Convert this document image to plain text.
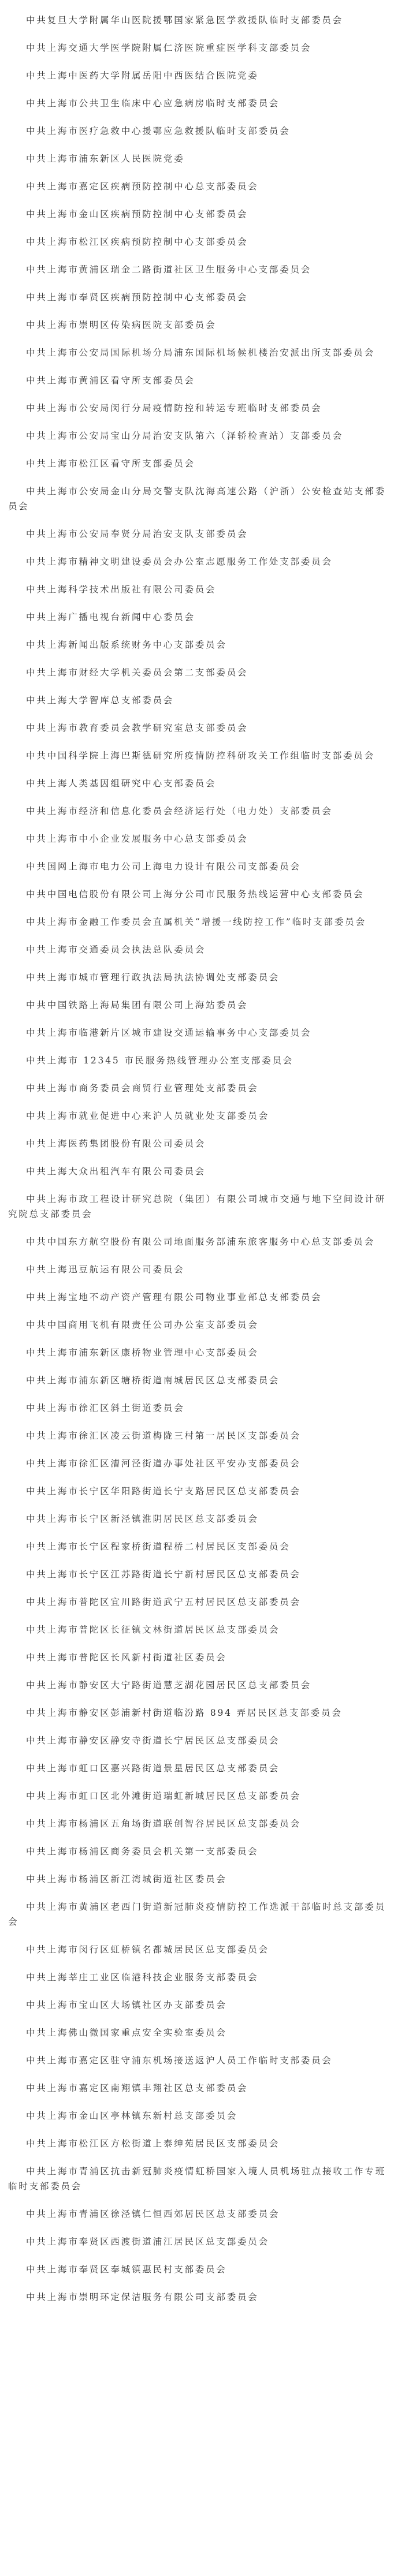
中共复旦大学附属华山医院援鄂国家紧急医学救援队临时支部委员会

中共上海交通大学医学院附属仁济医院重症医学科支部委员会

中共上海中医药大学附属岳阳中西医结合医院党委

中共上海市公共卫生临床中心应急病房临时支部委员会

中共上海市医疗急救中心援鄂应急救援队临时支部委员会

中共上海市浦东新区人民医院党委

中共上海市嘉定区疾病预防控制中心总支部委员会

中共上海市金山区疾病预防控制中心支部委员会

中共上海市松江区疾病预防控制中心支部委员会

中共上海市黄浦区瑞金二路街道社区卫生服务中心支部委员会

中共上海市奉贤区疾病预防控制中心支部委员会

中共上海市崇明区传染病医院支部委员会

中共上海市公安局国际机场分局浦东国际机场候机楼治安派出所支部委员会

中共上海市黄浦区看守所支部委员会

中共上海市公安局闵行分局疫情防控和转运专班临时支部委员会

中共上海市公安局宝山分局治安支队第六（泽轿检查站）支部委员会

中共上海市松江区看守所支部委员会

中共上海市公安局金山分局交警支队沈海高速公路（沪浙）公安检查站支部委员会

中共上海市公安局奉贤分局治安支队支部委员会

中共上海市精神文明建设委员会办公室志愿服务工作处支部委员会

中共上海科学技术出版社有限公司委员会

中共上海广播电视台新闻中心委员会

中共上海新闻出版系统财务中心支部委员会

中共上海市财经大学机关委员会第二支部委员会

中共上海大学智库总支部委员会

中共上海市教育委员会教学研究室总支部委员会

中共中国科学院上海巴斯德研究所疫情防控科研攻关工作组临时支部委员会

中共上海人类基因组研究中心支部委员会

中共上海市经济和信息化委员会经济运行处（电力处）支部委员会

中共上海市中小企业发展服务中心总支部委员会

中共国网上海市电力公司上海电力设计有限公司支部委员会

中共中国电信股份有限公司上海分公司市民服务热线运营中心支部委员会

中共上海市金融工作委员会直属机关“增援一线防控工作”临时支部委员会

中共上海市交通委员会执法总队委员会

中共上海市城市管理行政执法局执法协调处支部委员会

中共中国铁路上海局集团有限公司上海站委员会

中共上海市临港新片区城市建设交通运输事务中心支部委员会

中共上海市 12345 市民服务热线管理办公室支部委员会

中共上海市商务委员会商贸行业管理处支部委员会

中共上海市就业促进中心来沪人员就业处支部委员会

中共上海医药集团股份有限公司委员会

中共上海大众出租汽车有限公司委员会

中共上海市政工程设计研究总院（集团）有限公司城市交通与地下空间设计研究院总支部委员会

中共中国东方航空股份有限公司地面服务部浦东旅客服务中心总支部委员会

中共上海迅豆航运有限公司委员会

中共上海宝地不动产资产管理有限公司物业事业部总支部委员会

中共中国商用飞机有限责任公司办公室支部委员会

中共上海市浦东新区康桥物业管理中心支部委员会

中共上海市浦东新区塘桥街道南城居民区总支部委员会

中共上海市徐汇区斜土街道委员会

中共上海市徐汇区凌云街道梅陇三村第一居民区支部委员会

中共上海市徐汇区漕河泾街道办事处社区平安办支部委员会

中共上海市长宁区华阳路街道长宁支路居民区总支部委员会

中共上海市长宁区新泾镇淮阴居民区总支部委员会

中共上海市长宁区程家桥街道程桥二村居民区支部委员会

中共上海市长宁区江苏路街道长宁新村居民区总支部委员会

中共上海市普陀区宜川路街道武宁五村居民区总支部委员会

中共上海市普陀区长征镇文林街道居民区总支部委员会

中共上海市普陀区长风新村街道社区委员会

中共上海市静安区大宁路街道慧芝湖花园居民区总支部委员会

中共上海市静安区彭浦新村街道临汾路 894 弄居民区总支部委员会

中共上海市静安区静安寺街道长宁居民区总支部委员会

中共上海市虹口区嘉兴路街道景星居民区总支部委员会

中共上海市虹口区北外滩街道瑞虹新城居民区总支部委员会

中共上海市杨浦区五角场街道联创智谷居民区总支部委员会

中共上海市杨浦区商务委员会机关第一支部委员会

中共上海市杨浦区新江湾城街道社区委员会

中共上海市黄浦区老西门街道新冠肺炎疫情防控工作选派干部临时总支部委员会

中共上海市闵行区虹桥镇名都城居民区总支部委员会

中共上海莘庄工业区临港科技企业服务支部委员会

中共上海市宝山区大场镇社区办支部委员会

中共上海佛山微国家重点安全实验室委员会

中共上海市嘉定区驻守浦东机场接送返沪人员工作临时支部委员会

中共上海市嘉定区南翔镇丰翔社区总支部委员会

中共上海市金山区亭林镇东新村总支部委员会

中共上海市松江区方松街道上泰绅苑居民区支部委员会

中共上海市青浦区抗击新冠肺炎疫情虹桥国家入境人员机场驻点接收工作专班临时支部委员会

中共上海市青浦区徐泾镇仁恒西郊居民区总支部委员会

中共上海市奉贤区西渡街道浦江居民区总支部委员会

中共上海市奉贤区奉城镇惠民村支部委员会

中共上海市崇明环定保洁服务有限公司支部委员会
